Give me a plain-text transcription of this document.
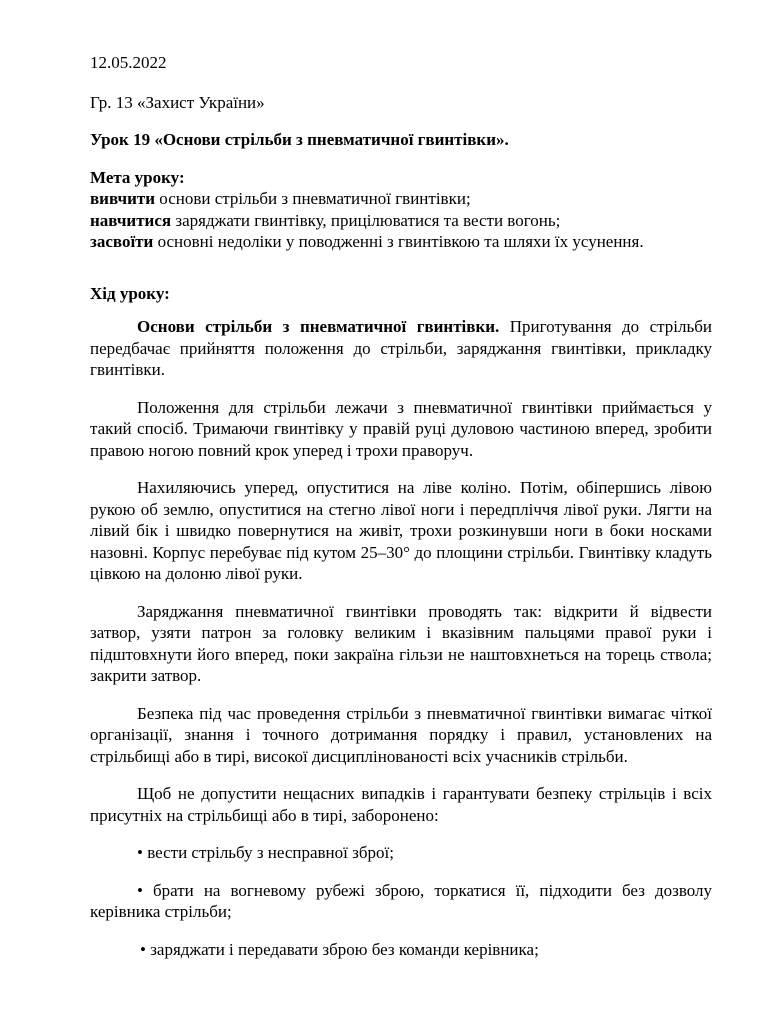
12.05.2022

Гр. 13 «Захист України»

Урок 19 «Основи стрільби з пневматичної гвинтівки».

Мета уроку:

вивчити основи стрільби з пневматичної гвинтівки;

навчитися заряджати гвинтівку, прицілюватися та вести вогонь;

засвоїти основні недоліки у поводженні з гвинтівкою та шляхи їх усунення.

Хід уроку:

Основи стрільби з пневматичної гвинтівки. Приготування до стрільби передбачає прийняття положення до стрільби, заряджання гвинтівки, прикладку гвинтівки.

Положення для стрільби лежачи з пневматичної гвинтівки приймається у такий спосіб. Тримаючи гвинтівку у правій руці дуловою частиною вперед, зробити правою ногою повний крок уперед і трохи праворуч.

Нахиляючись уперед, опуститися на ліве коліно. Потім, обіпершись лівою рукою об землю, опуститися на стегно лівої ноги і передпліччя лівої руки. Лягти на лівий бік і швидко повернутися на живіт, трохи розкинувши ноги в боки носками назовні. Корпус перебуває під кутом 25–30° до площини стрільби. Гвинтівку кладуть цівкою на долоню лівої руки.

Заряджання пневматичної гвинтівки проводять так: відкрити й відвести затвор, узяти патрон за головку великим і вказівним пальцями правої руки і підштовхнути його вперед, поки закраїна гільзи не наштовхнеться на торець ствола; закрити затвор.

Безпека під час проведення стрільби з пневматичної гвинтівки вимагає чіткої організації, знання і точного дотримання порядку і правил, установлених на стрільбищі або в тирі, високої дисциплінованості всіх учасників стрільби.

Щоб не допустити нещасних випадків і гарантувати безпеку стрільців і всіх присутніх на стрільбищі або в тирі, заборонено:

• вести стрільбу з несправної зброї;

• брати на вогневому рубежі зброю, торкатися її, підходити без дозволу керівника стрільби;

• заряджати і передавати зброю без команди керівника;
